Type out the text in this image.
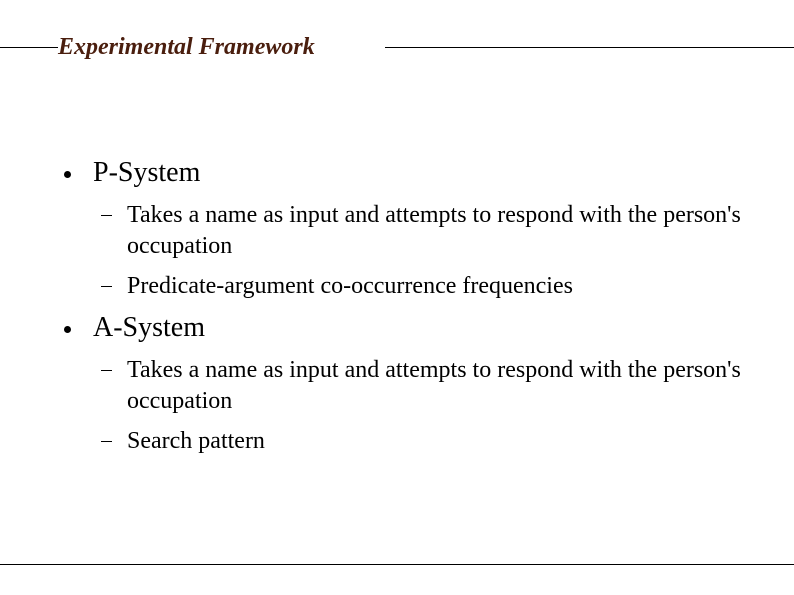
Experimental Framework
P-System
Takes a name as input and attempts to respond with the person's occupation
Predicate-argument co-occurrence frequencies
A-System
Takes a name as input and attempts to respond with the person's occupation
Search pattern
